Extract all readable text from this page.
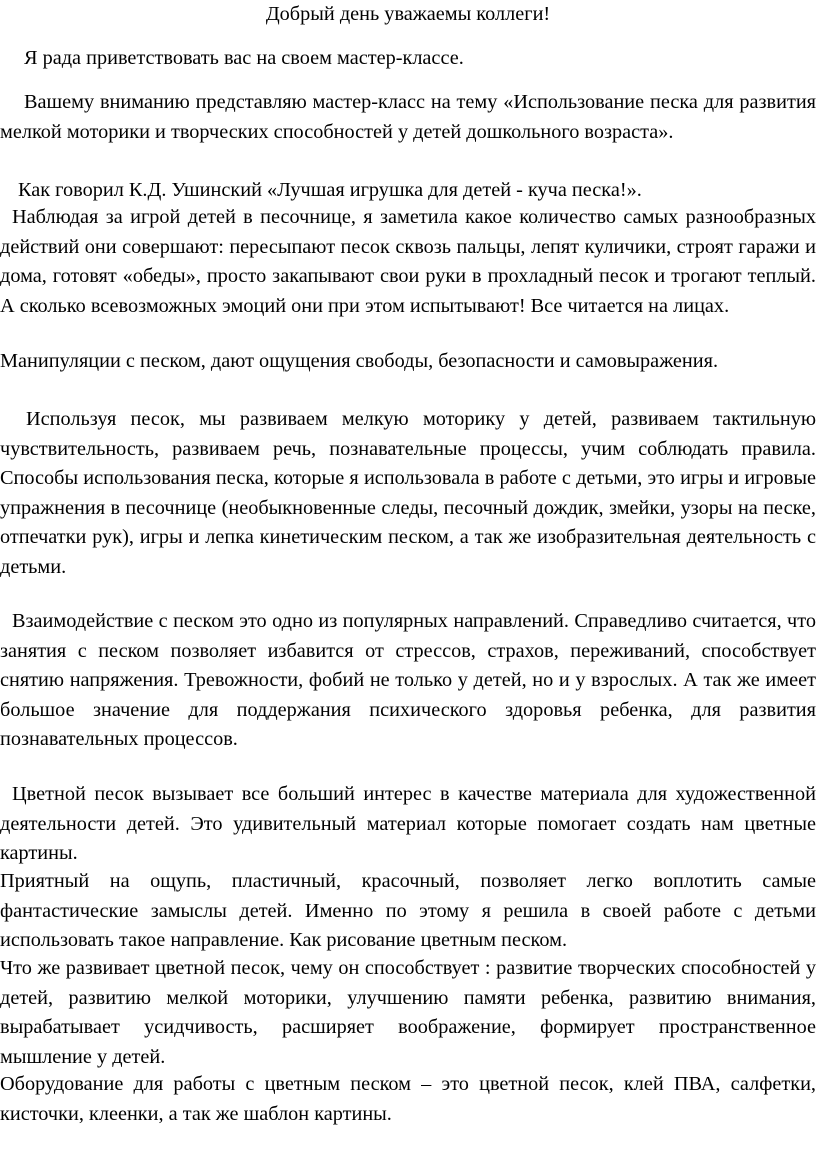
Добрый день уважаемы коллеги!

Я рада приветствовать вас на своем мастер-классе.

Вашему вниманию представляю мастер-класс на тему «Использование песка для развития мелкой моторики и творческих способностей у детей дошкольного возраста».

Как говорил К.Д. Ушинский «Лучшая игрушка для детей - куча песка!».

Наблюдая за игрой детей в песочнице, я заметила какое количество самых разнообразных действий они совершают: пересыпают песок сквозь пальцы, лепят куличики, строят гаражи и дома, готовят «обеды», просто закапывают свои руки в прохладный песок и трогают теплый. А сколько всевозможных эмоций они при этом испытывают! Все читается на лицах.

Манипуляции с песком, дают ощущения свободы, безопасности и самовыражения.

Используя песок, мы развиваем мелкую моторику у детей, развиваем тактильную чувствительность, развиваем речь, познавательные процессы, учим соблюдать правила. Способы использования песка, которые я использовала в работе с детьми, это игры и игровые упражнения в песочнице (необыкновенные следы, песочный дождик, змейки, узоры на песке, отпечатки рук), игры и лепка кинетическим песком, а так же изобразительная деятельность с детьми.

Взаимодействие с песком это одно из популярных направлений. Справедливо считается, что занятия с песком позволяет избавится от стрессов, страхов, переживаний, способствует снятию напряжения. Тревожности, фобий не только у детей, но и у взрослых. А так же имеет большое значение для поддержания психического здоровья ребенка, для развития познавательных процессов.

Цветной песок вызывает все больший интерес в качестве материала для художественной деятельности детей. Это удивительный материал которые помогает создать нам цветные картины.

Приятный на ощупь, пластичный, красочный, позволяет легко воплотить самые фантастические замыслы детей. Именно по этому я решила в своей работе с детьми использовать такое направление. Как рисование цветным песком.

Что же развивает цветной песок, чему он способствует : развитие творческих способностей у детей, развитию мелкой моторики, улучшению памяти ребенка, развитию внимания, вырабатывает усидчивость, расширяет воображение, формирует пространственное мышление у детей.

Оборудование для работы с цветным песком – это цветной песок, клей ПВА, салфетки, кисточки, клеенки, а так же шаблон картины.
